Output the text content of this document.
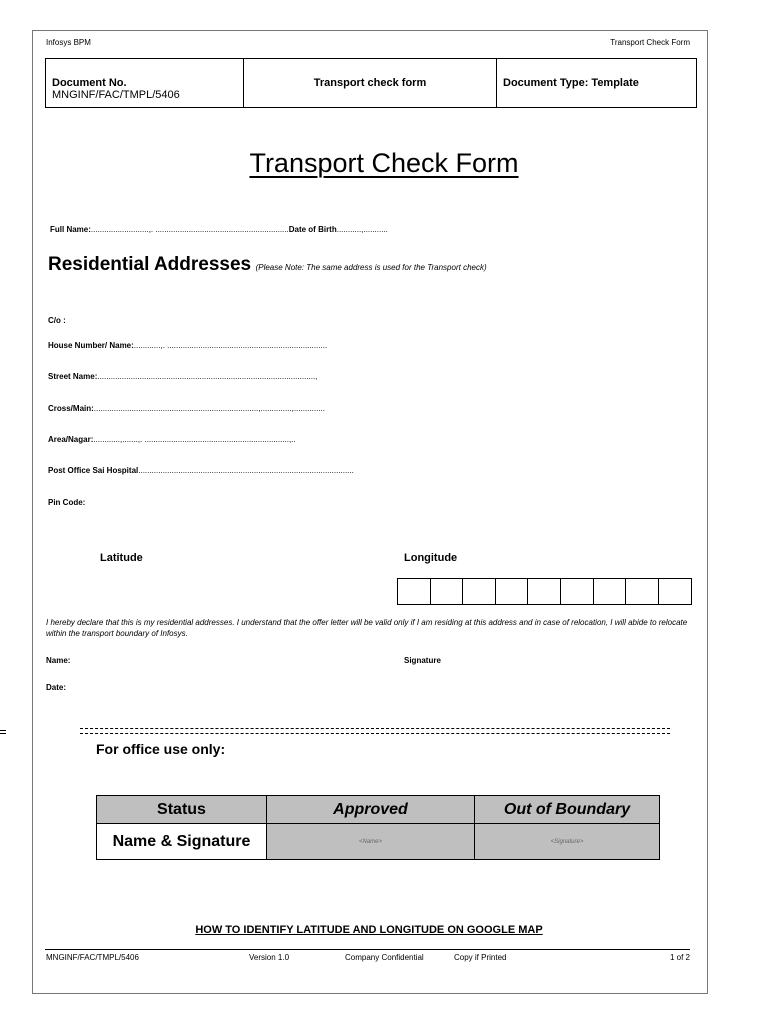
Infosys BPM	Transport Check Form
Document No.
MNGINF/FAC/TMPL/5406
Transport check form	Document Type: Template
Transport Check Form
Full Name:..........................,. ............................................................Date of Birth...........,...........
Residential Addresses (Please Note: The same address is used for the Transport check)
C/o :
House Number/ Name:............,. ........................................................................
Street Name:..................................................................................................,
Cross/Main:..........................................................................,..............,..............
Area/Nagar:............,.......,. .................................................................,..
Post Office Sai Hospital.................................................................................................
Pin Code:
Latitude	Longitude
I hereby declare that this is my residential addresses. I understand that the offer letter will be valid only if I am residing at this address and in case of relocation, I will abide to relocate within the transport boundary of Infosys.
Name:	Signature
Date:
For office use only:
Status	Approved	Out of Boundary
Name & Signature	<Name>	<Signature>
HOW TO IDENTIFY LATITUDE AND LONGITUDE ON GOOGLE MAP
MNGINF/FAC/TMPL/5406	Version 1.0	Company Confidential	Copy if Printed	1 of 2
